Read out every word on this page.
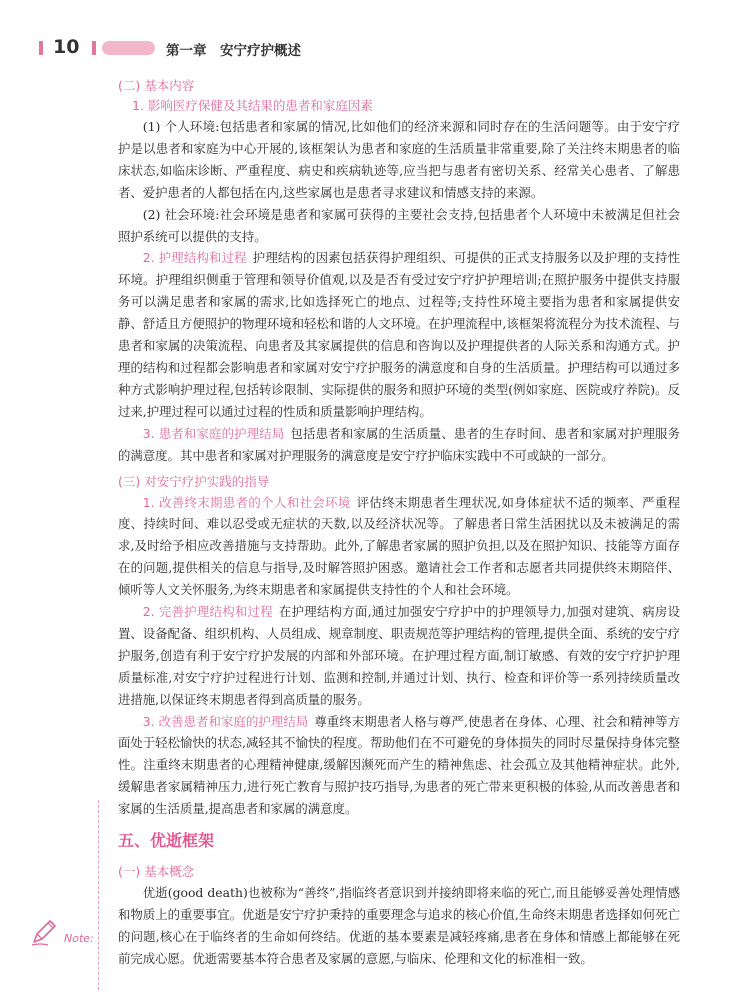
10	第一章　安宁疗护概述

(二) 基本内容

1. 影响医疗保健及其结果的患者和家庭因素

(1) 个人环境:包括患者和家属的情况,比如他们的经济来源和同时存在的生活问题等。由于安宁疗护是以患者和家庭为中心开展的,该框架认为患者和家庭的生活质量非常重要,除了关注终末期患者的临床状态,如临床诊断、严重程度、病史和疾病轨迹等,应当把与患者有密切关系、经常关心患者、了解患者、爱护患者的人都包括在内,这些家属也是患者寻求建议和情感支持的来源。

(2) 社会环境:社会环境是患者和家属可获得的主要社会支持,包括患者个人环境中未被满足但社会照护系统可以提供的支持。

2. 护理结构和过程 护理结构的因素包括获得护理组织、可提供的正式支持服务以及护理的支持性环境。护理组织侧重于管理和领导价值观,以及是否有受过安宁疗护护理培训;在照护服务中提供支持服务可以满足患者和家属的需求,比如选择死亡的地点、过程等;支持性环境主要指为患者和家属提供安静、舒适且方便照护的物理环境和轻松和谐的人文环境。在护理流程中,该框架将流程分为技术流程、与患者和家属的决策流程、向患者及其家属提供的信息和咨询以及护理提供者的人际关系和沟通方式。护理的结构和过程都会影响患者和家属对安宁疗护服务的满意度和自身的生活质量。护理结构可以通过多种方式影响护理过程,包括转诊限制、实际提供的服务和照护环境的类型(例如家庭、医院或疗养院)。反过来,护理过程可以通过过程的性质和质量影响护理结构。

3. 患者和家庭的护理结局 包括患者和家属的生活质量、患者的生存时间、患者和家属对护理服务的满意度。其中患者和家属对护理服务的满意度是安宁疗护临床实践中不可或缺的一部分。

(三) 对安宁疗护实践的指导

1. 改善终末期患者的个人和社会环境 评估终末期患者生理状况,如身体症状不适的频率、严重程度、持续时间、难以忍受或无症状的天数,以及经济状况等。了解患者日常生活困扰以及未被满足的需求,及时给予相应改善措施与支持帮助。此外,了解患者家属的照护负担,以及在照护知识、技能等方面存在的问题,提供相关的信息与指导,及时解答照护困惑。邀请社会工作者和志愿者共同提供终末期陪伴、倾听等人文关怀服务,为终末期患者和家属提供支持性的个人和社会环境。

2. 完善护理结构和过程 在护理结构方面,通过加强安宁疗护中的护理领导力,加强对建筑、病房设置、设备配备、组织机构、人员组成、规章制度、职责规范等护理结构的管理,提供全面、系统的安宁疗护服务,创造有利于安宁疗护发展的内部和外部环境。在护理过程方面,制订敏感、有效的安宁疗护护理质量标准,对安宁疗护过程进行计划、监测和控制,并通过计划、执行、检查和评价等一系列持续质量改进措施,以保证终末期患者得到高质量的服务。

3. 改善患者和家庭的护理结局 尊重终末期患者人格与尊严,使患者在身体、心理、社会和精神等方面处于轻松愉快的状态,减轻其不愉快的程度。帮助他们在不可避免的身体损失的同时尽量保持身体完整性。注重终末期患者的心理精神健康,缓解因濒死而产生的精神焦虑、社会孤立及其他精神症状。此外,缓解患者家属精神压力,进行死亡教育与照护技巧指导,为患者的死亡带来更积极的体验,从而改善患者和家属的生活质量,提高患者和家属的满意度。

五、优逝框架

(一) 基本概念

优逝(good death)也被称为“善终”,指临终者意识到并接纳即将来临的死亡,而且能够妥善处理情感和物质上的重要事宜。优逝是安宁疗护秉持的重要理念与追求的核心价值,生命终末期患者选择如何死亡的问题,核心在于临终者的生命如何终结。优逝的基本要素是减轻疼痛,患者在身体和情感上都能够在死前完成心愿。优逝需要基本符合患者及家属的意愿,与临床、伦理和文化的标准相一致。

Note:
